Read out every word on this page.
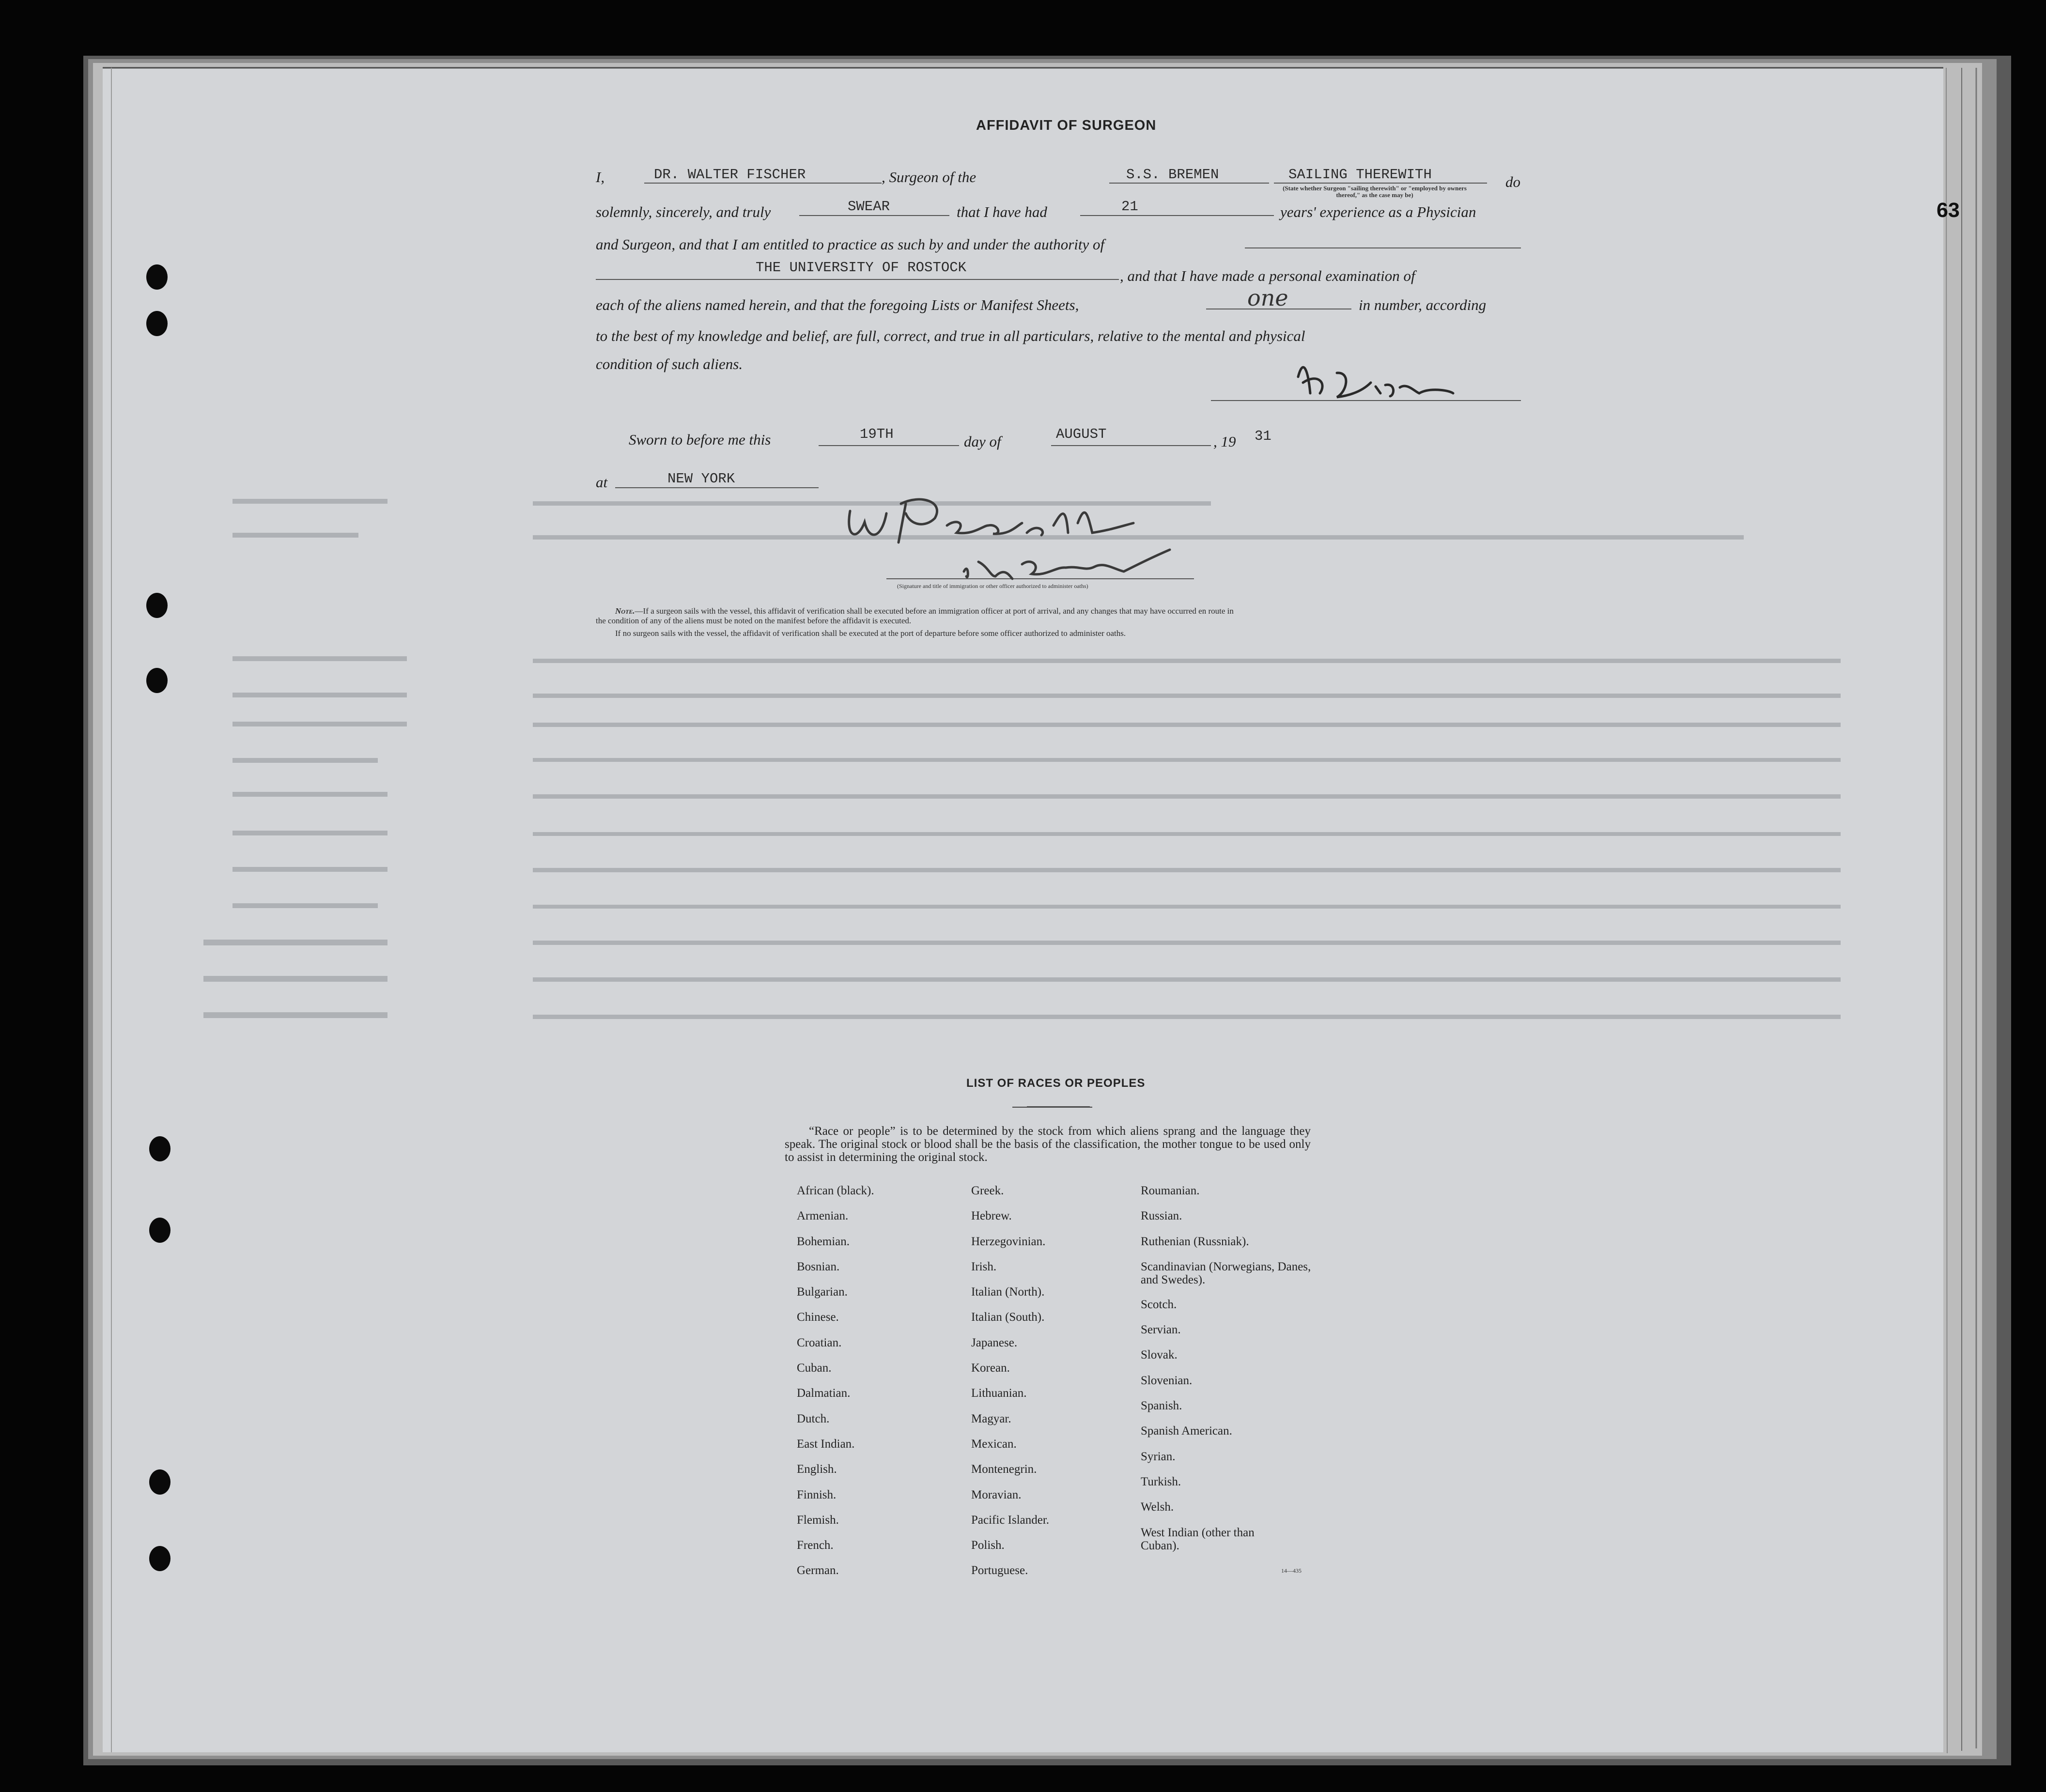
63
AFFIDAVIT OF SURGEON
I,	DR. WALTER FISCHER	, Surgeon of the	S.S. BREMEN	SAILING THEREWITH	do
(State whether Surgeon "sailing therewith" or "employed by owners thereof," as the case may be)
solemnly, sincerely, and truly	SWEAR	that I have had	21	years' experience as a Physician
and Surgeon, and that I am entitled to practice as such by and under the authority of
THE UNIVERSITY OF ROSTOCK	, and that I have made a personal examination of
each of the aliens named herein, and that the foregoing Lists or Manifest Sheets,	one	in number, according
to the best of my knowledge and belief, are full, correct, and true in all particulars, relative to the mental and physical
condition of such aliens.
Sworn to before me this	19TH	day of	AUGUST	, 19 31
at	NEW YORK
(Signature and title of immigration or other officer authorized to administer oaths)
Note.—If a surgeon sails with the vessel, this affidavit of verification shall be executed before an immigration officer at port of arrival, and any changes that may have occurred en route in
the condition of any of the aliens must be noted on the manifest before the affidavit is executed.
If no surgeon sails with the vessel, the affidavit of verification shall be executed at the port of departure before some officer authorized to administer oaths.
LIST OF RACES OR PEOPLES
“Race or people” is to be determined by the stock from which aliens sprang and the language they speak. The original stock or blood shall be the basis of the classification, the mother tongue to be used only to assist in determining the original stock.
African (black).
Armenian.
Bohemian.
Bosnian.
Bulgarian.
Chinese.
Croatian.
Cuban.
Dalmatian.
Dutch.
East Indian.
English.
Finnish.
Flemish.
French.
German.
Greek.
Hebrew.
Herzegovinian.
Irish.
Italian (North).
Italian (South).
Japanese.
Korean.
Lithuanian.
Magyar.
Mexican.
Montenegrin.
Moravian.
Pacific Islander.
Polish.
Portuguese.
Roumanian.
Russian.
Ruthenian (Russniak).
Scandinavian (Norwegians, Danes, and Swedes).
Scotch.
Servian.
Slovak.
Slovenian.
Spanish.
Spanish American.
Syrian.
Turkish.
Welsh.
West Indian (other than Cuban).
14—435
